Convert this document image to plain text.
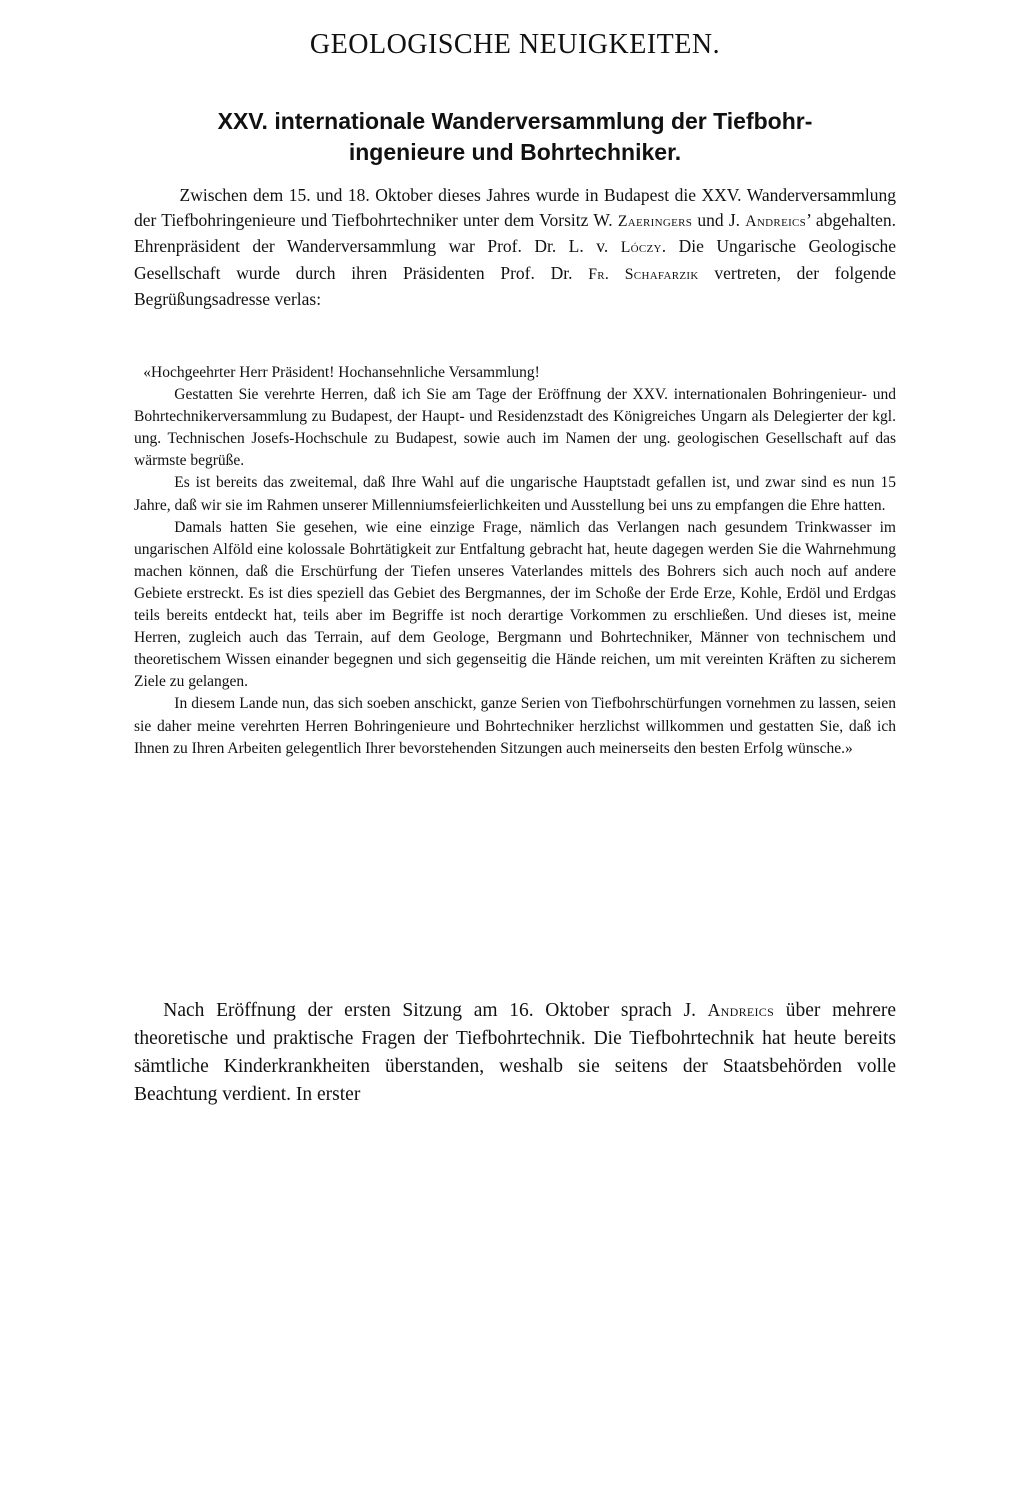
GEOLOGISCHE NEUIGKEITEN.
XXV. internationale Wanderversammlung der Tiefbohr-
ingenieure und Bohrtechniker.

Zwischen dem 15. und 18. Oktober dieses Jahres wurde in Budapest die XXV. Wanderversammlung der Tiefbohringenieure und Tiefbohrtechniker unter dem Vorsitz W. Zaeringers und J. Andreics’ abgehalten. Ehrenpräsident der Wanderversammlung war Prof. Dr. L. v. Lóczy. Die Ungarische Geologische Gesellschaft wurde durch ihren Präsidenten Prof. Dr. Fr. Schafarzik vertreten, der folgende Begrüßungsadresse verlas:

«Hochgeehrter Herr Präsident! Hochansehnliche Versammlung!

Gestatten Sie verehrte Herren, daß ich Sie am Tage der Eröffnung der XXV. internationalen Bohringenieur- und Bohrtechnikerversammlung zu Budapest, der Haupt- und Residenzstadt des Königreiches Ungarn als Delegierter der kgl. ung. Technischen Josefs-Hochschule zu Budapest, sowie auch im Namen der ung. geologischen Gesellschaft auf das wärmste begrüße.

Es ist bereits das zweitemal, daß Ihre Wahl auf die ungarische Hauptstadt gefallen ist, und zwar sind es nun 15 Jahre, daß wir sie im Rahmen unserer Millenniumsfeierlichkeiten und Ausstellung bei uns zu empfangen die Ehre hatten.

Damals hatten Sie gesehen, wie eine einzige Frage, nämlich das Verlangen nach gesundem Trinkwasser im ungarischen Alföld eine kolossale Bohrtätigkeit zur Entfaltung gebracht hat, heute dagegen werden Sie die Wahrnehmung machen können, daß die Erschürfung der Tiefen unseres Vaterlandes mittels des Bohrers sich auch noch auf andere Gebiete erstreckt. Es ist dies speziell das Gebiet des Bergmannes, der im Schoße der Erde Erze, Kohle, Erdöl und Erdgas teils bereits entdeckt hat, teils aber im Begriffe ist noch derartige Vorkommen zu erschließen. Und dieses ist, meine Herren, zugleich auch das Terrain, auf dem Geologe, Bergmann und Bohrtechniker, Männer von technischem und theoretischem Wissen einander begegnen und sich gegenseitig die Hände reichen, um mit vereinten Kräften zu sicherem Ziele zu gelangen.

In diesem Lande nun, das sich soeben anschickt, ganze Serien von Tiefbohrschürfungen vornehmen zu lassen, seien sie daher meine verehrten Herren Bohringenieure und Bohrtechniker herzlichst willkommen und gestatten Sie, daß ich Ihnen zu Ihren Arbeiten gelegentlich Ihrer bevorstehenden Sitzungen auch meinerseits den besten Erfolg wünsche.»

Nach Eröffnung der ersten Sitzung am 16. Oktober sprach J. Andreics über mehrere theoretische und praktische Fragen der Tiefbohrtechnik. Die Tiefbohrtechnik hat heute bereits sämtliche Kinderkrankheiten überstanden, weshalb sie seitens der Staatsbehörden volle Beachtung verdient. In erster
